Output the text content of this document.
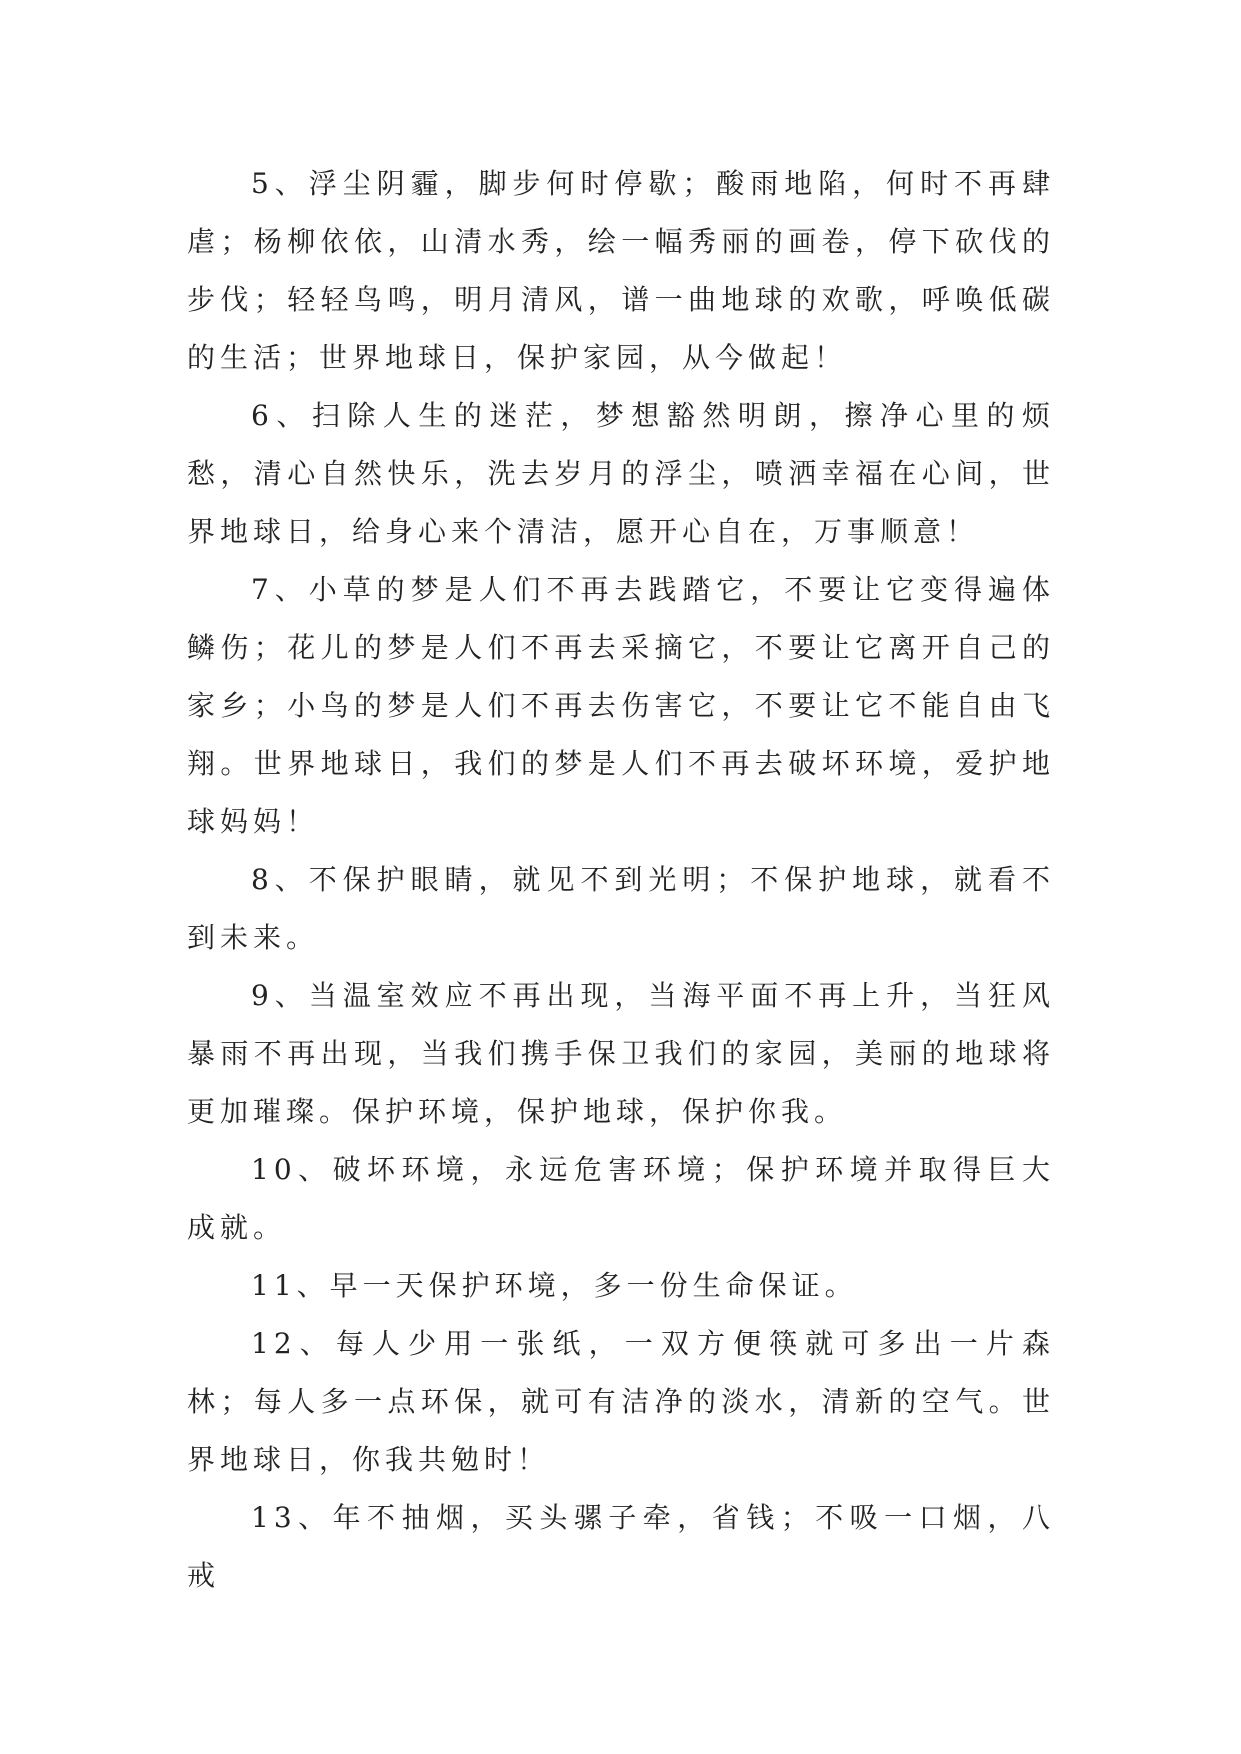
5、浮尘阴霾，脚步何时停歇；酸雨地陷，何时不再肆虐；杨柳依依，山清水秀，绘一幅秀丽的画卷，停下砍伐的步伐；轻轻鸟鸣，明月清风，谱一曲地球的欢歌，呼唤低碳的生活；世界地球日，保护家园，从今做起！

6、扫除人生的迷茫，梦想豁然明朗，擦净心里的烦愁，清心自然快乐，洗去岁月的浮尘，喷洒幸福在心间，世界地球日，给身心来个清洁，愿开心自在，万事顺意！

7、小草的梦是人们不再去践踏它，不要让它变得遍体鳞伤；花儿的梦是人们不再去采摘它，不要让它离开自己的家乡；小鸟的梦是人们不再去伤害它，不要让它不能自由飞翔。世界地球日，我们的梦是人们不再去破坏环境，爱护地球妈妈！

8、不保护眼睛，就见不到光明；不保护地球，就看不到未来。

9、当温室效应不再出现，当海平面不再上升，当狂风暴雨不再出现，当我们携手保卫我们的家园，美丽的地球将更加璀璨。保护环境，保护地球，保护你我。

10、破坏环境，永远危害环境；保护环境并取得巨大成就。

11、早一天保护环境，多一份生命保证。

12、每人少用一张纸，一双方便筷就可多出一片森林；每人多一点环保，就可有洁净的淡水，清新的空气。世界地球日，你我共勉时！

13、年不抽烟，买头骡子牵，省钱；不吸一口烟，八戒
